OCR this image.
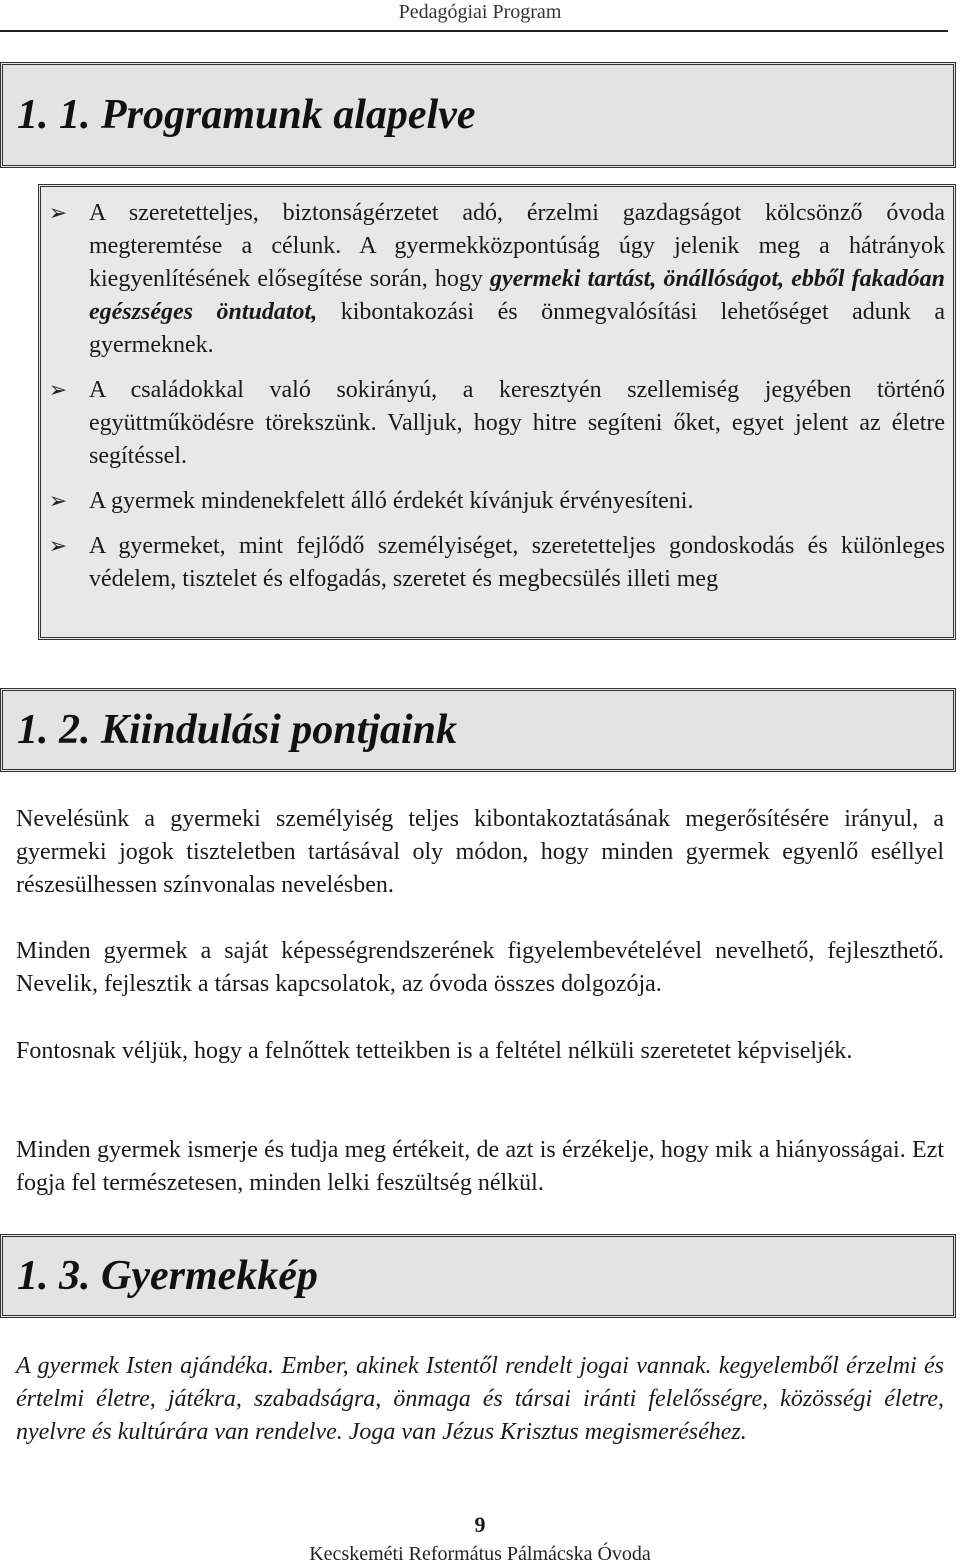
Pedagógiai Program
1. 1. Programunk alapelve
➢ A szeretetteljes, biztonságérzetet adó, érzelmi gazdagságot kölcsönző óvoda megteremtése a célunk. A gyermekközpontúság úgy jelenik meg a hátrányok kiegyenlítésének elősegítése során, hogy gyermeki tartást, önállóságot, ebből fakadóan egészséges öntudatot, kibontakozási és önmegvalósítási lehetőséget adunk a gyermeknek.
➢ A családokkal való sokirányú, a keresztyén szellemiség jegyében történő együttműködésre törekszünk. Valljuk, hogy hitre segíteni őket, egyet jelent az életre segítéssel.
➢ A gyermek mindenekfelett álló érdekét kívánjuk érvényesíteni.
➢ A gyermeket, mint fejlődő személyiséget, szeretetteljes gondoskodás és különleges védelem, tisztelet és elfogadás, szeretet és megbecsülés illeti meg
1. 2. Kiindulási pontjaink

Nevelésünk a gyermeki személyiség teljes kibontakoztatásának megerősítésére irányul, a gyermeki jogok tiszteletben tartásával oly módon, hogy minden gyermek egyenlő eséllyel részesülhessen színvonalas nevelésben.

Minden gyermek a saját képességrendszerének figyelembevételével nevelhető, fejleszthető. Nevelik, fejlesztik a társas kapcsolatok, az óvoda összes dolgozója.

Fontosnak véljük, hogy a felnőttek tetteikben is a feltétel nélküli szeretetet képviseljék.

Minden gyermek ismerje és tudja meg értékeit, de azt is érzékelje, hogy mik a hiányosságai. Ezt fogja fel természetesen, minden lelki feszültség nélkül.

1. 3. Gyermekkép

A gyermek Isten ajándéka. Ember, akinek Istentől rendelt jogai vannak. kegyelemből érzelmi és értelmi életre, játékra, szabadságra, önmaga és társai iránti felelősségre, közösségi életre, nyelvre és kultúrára van rendelve. Joga van Jézus Krisztus megismeréséhez.

9
Kecskeméti Református Pálmácska Óvoda
